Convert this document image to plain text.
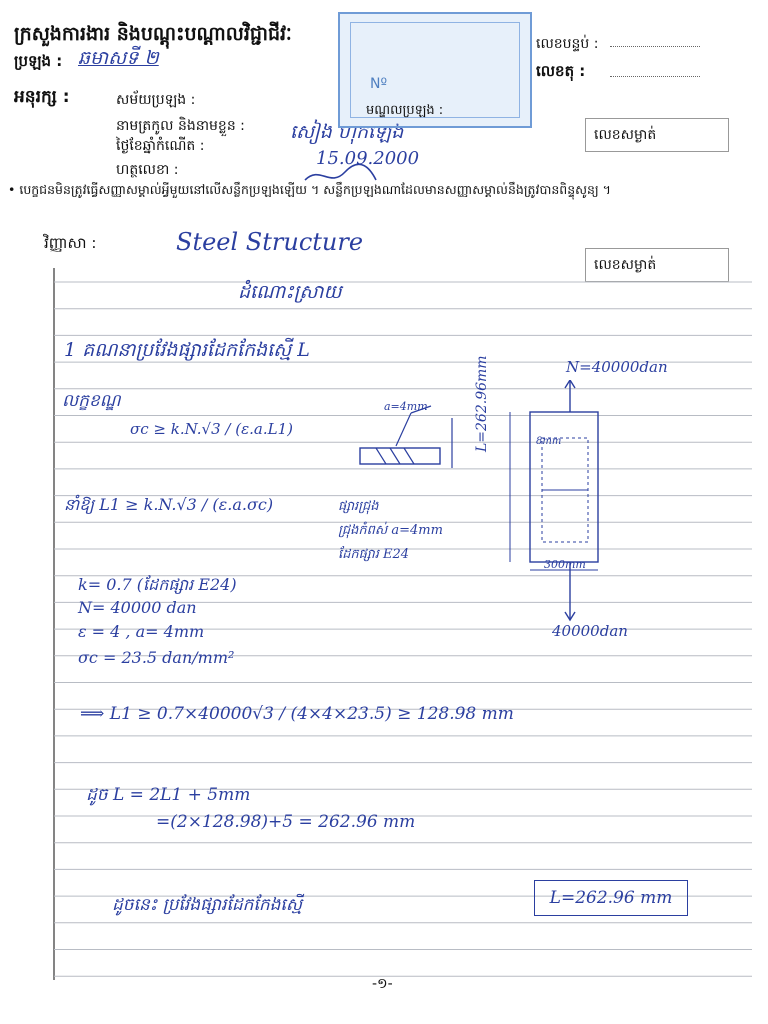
ក្រសួងការងារ និងបណ្តុះបណ្តាលវិជ្ជាជីវៈ
ប្រឡង : ឆមាសទី ២
អនុរក្ស :	សម័យប្រឡង :
នាមត្រកូល និងនាមខ្លួន : សៀង ហុកឡេង
ថ្ងៃខែឆ្នាំកំណើត :
15.09.2000
ហត្ថលេខា :
លេខបន្ទប់ :
លេខតុ :
Nº
មណ្ឌលប្រឡង :
លេខសម្ងាត់
• បេក្ខជនមិនត្រូវធ្វើសញ្ញាសម្គាល់អ្វីមួយនៅលើសន្លឹកប្រឡងឡើយ ។ សន្លឹកប្រឡងណាដែលមានសញ្ញាសម្គាល់នឹងត្រូវបានពិន្ទុសូន្យ ។
វិញ្ញាសា :	Steel Structure
លេខសម្ងាត់
ដំណោះស្រាយ
1 គណនាប្រវែងផ្សារដែកកែងស្មើ L
N=40000dan
លក្ខខណ្ឌ
σc ≥ k.N.√3 / (ε.a.L1)
a=4mm	L=262.96mm	8mm
300mm
40000dan
នាំឱ្យ L1 ≥ k.N.√3 / (ε.a.σc)	ផ្សារជ្រុង
ជ្រុងកំពស់ a=4mm
ដែកផ្សារ E24
k= 0.7 (ដែកផ្សារ E24)
N= 40000 dan
ε = 4 , a= 4mm
σc = 23.5 dan/mm²
⟹ L1 ≥ 0.7×40000√3 / (4×4×23.5) ≥ 128.98 mm
ដូច L = 2L1 + 5mm
=(2×128.98)+5 = 262.96 mm
ដូចនេះ ប្រវែងផ្សារដែកកែងស្មើ	L=262.96 mm
-១-
